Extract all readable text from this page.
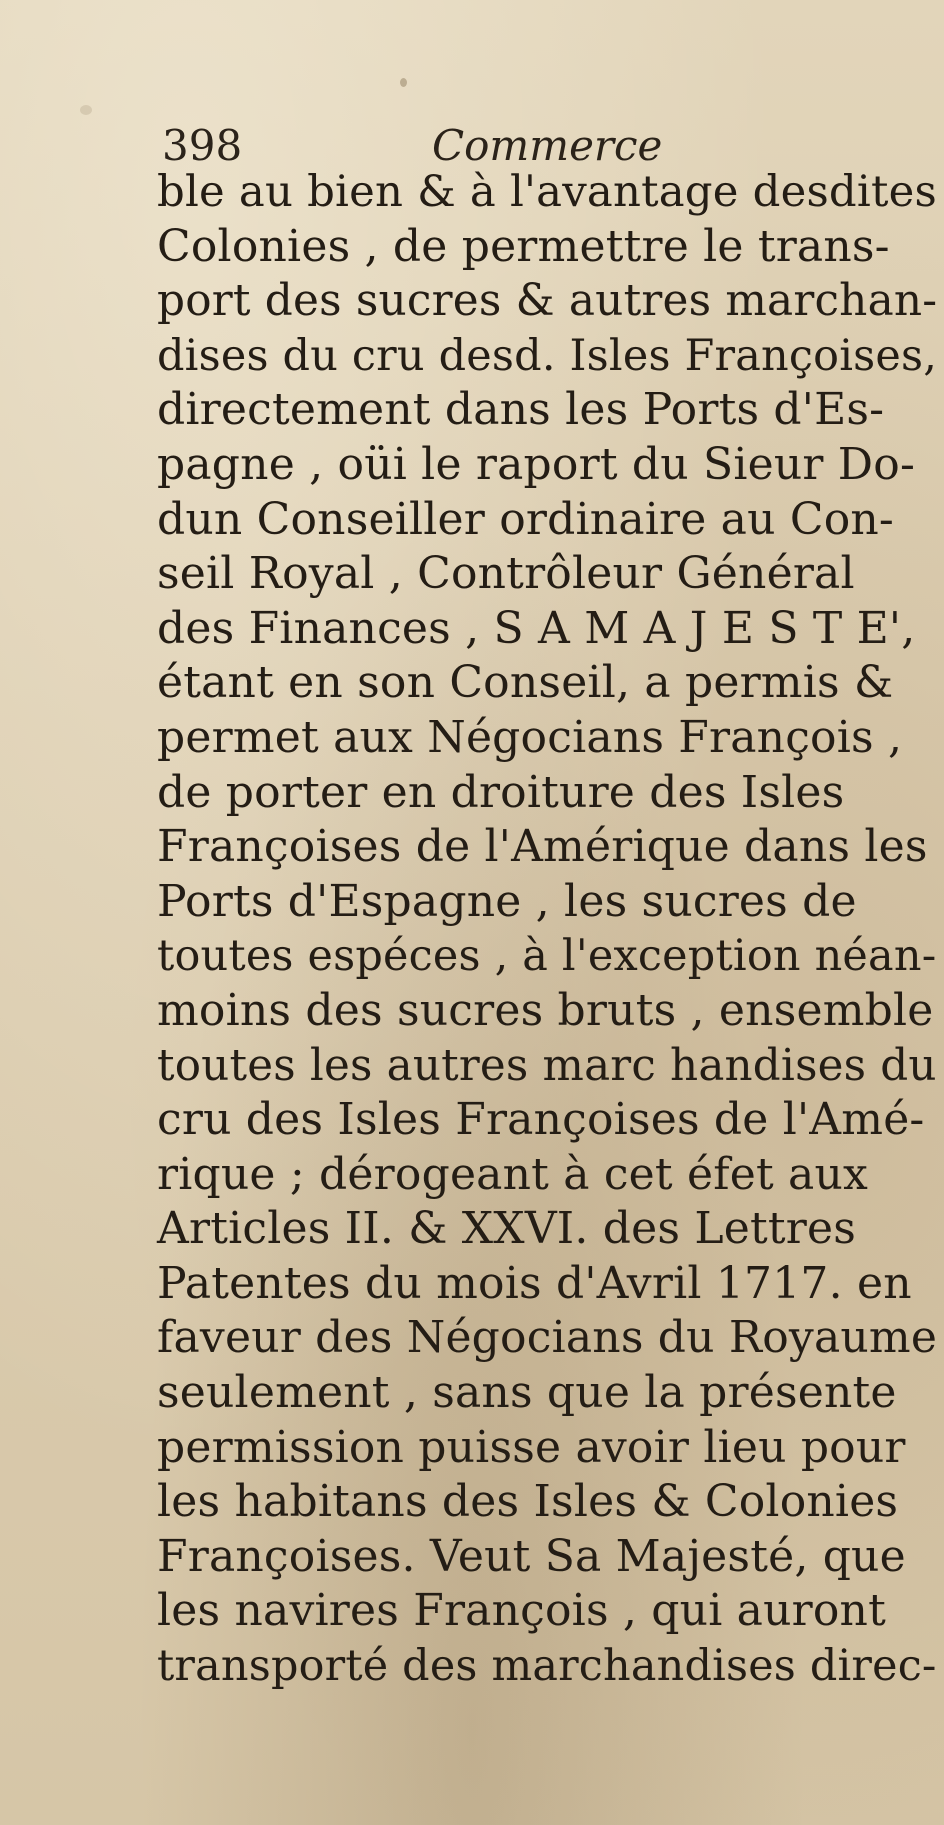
398	Commerce
ble au bien & à l'avantage desdites
Colonies , de permettre le trans-
port des sucres & autres marchan-
dises du cru desd. Isles Françoises,
directement dans les Ports d'Es-
pagne , oüi le raport du Sieur Do-
dun Conseiller ordinaire au Con-
seil Royal , Contrôleur Général
des Finances , S A M A J E S T E',
étant en son Conseil, a permis &
permet aux Négocians François ,
de porter en droiture des Isles
Françoises de l'Amérique dans les
Ports d'Espagne , les sucres de
toutes espéces , à l'exception néan-
moins des sucres bruts , ensemble
toutes les autres marc handises du
cru des Isles Françoises de l'Amé-
rique ; dérogeant à cet éfet aux
Articles II. & XXVI. des Lettres
Patentes du mois d'Avril 1717. en
faveur des Négocians du Royaume
seulement , sans que la présente
permission puisse avoir lieu pour
les habitans des Isles & Colonies
Françoises. Veut Sa Majesté, que
les navires François , qui auront
transporté des marchandises direc-
